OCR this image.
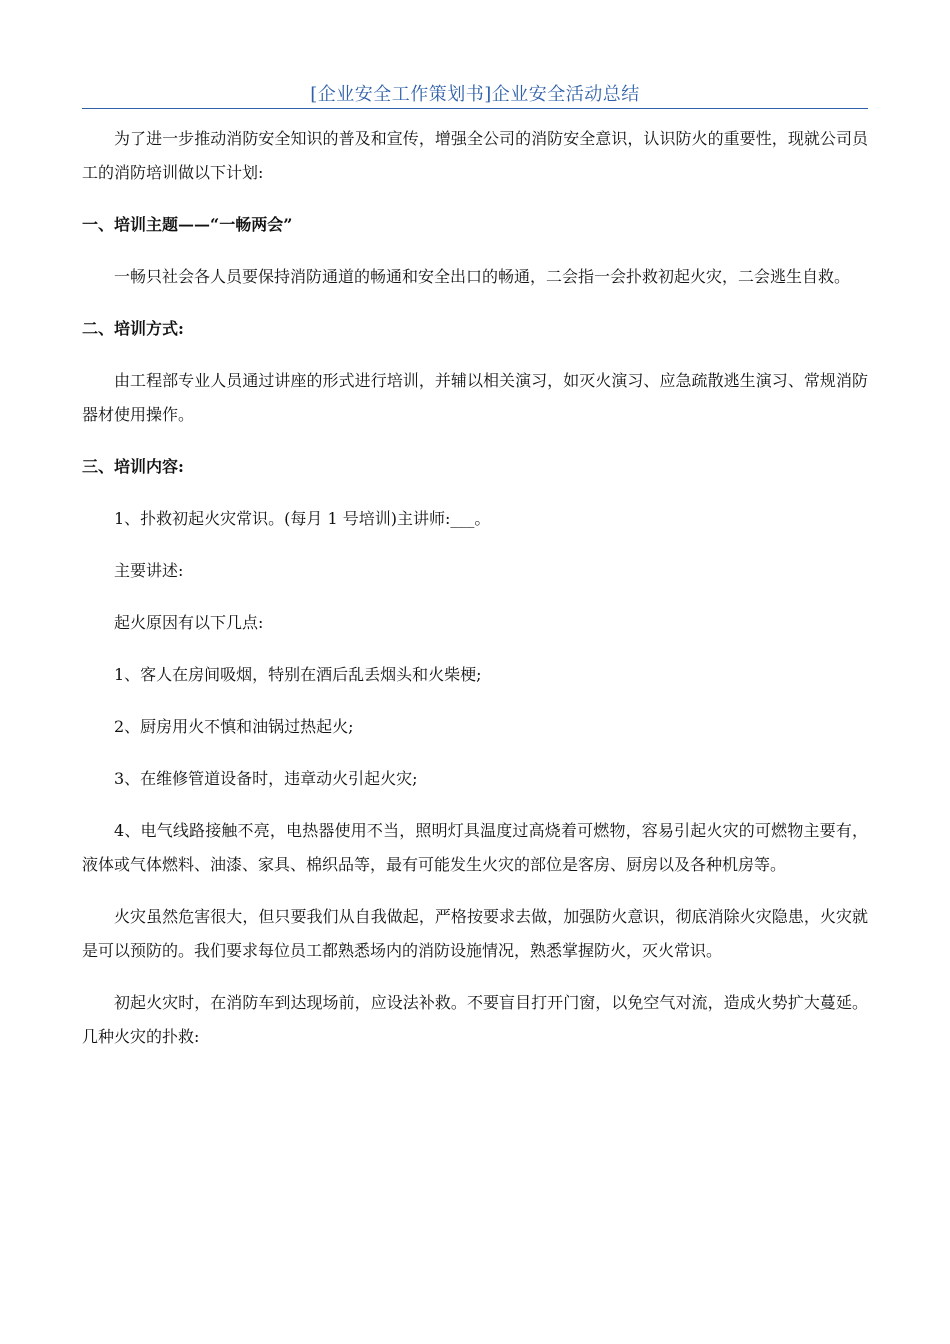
[企业安全工作策划书]企业安全活动总结

为了进一步推动消防安全知识的普及和宣传，增强全公司的消防安全意识，认识防火的重要性，现就公司员工的消防培训做以下计划:

一、培训主题——“一畅两会”

一畅只社会各人员要保持消防通道的畅通和安全出口的畅通，二会指一会扑救初起火灾，二会逃生自救。

二、培训方式:

由工程部专业人员通过讲座的形式进行培训，并辅以相关演习，如灭火演习、应急疏散逃生演习、常规消防器材使用操作。

三、培训内容:

1、扑救初起火灾常识。(每月 1 号培训)主讲师:___。

主要讲述:

起火原因有以下几点:

1、客人在房间吸烟，特别在酒后乱丢烟头和火柴梗;

2、厨房用火不慎和油锅过热起火;

3、在维修管道设备时，违章动火引起火灾;

4、电气线路接触不亮，电热器使用不当，照明灯具温度过高烧着可燃物，容易引起火灾的可燃物主要有，液体或气体燃料、油漆、家具、棉织品等，最有可能发生火灾的部位是客房、厨房以及各种机房等。

火灾虽然危害很大，但只要我们从自我做起，严格按要求去做，加强防火意识，彻底消除火灾隐患，火灾就是可以预防的。我们要求每位员工都熟悉场内的消防设施情况，熟悉掌握防火，灭火常识。

初起火灾时，在消防车到达现场前，应设法补救。不要盲目打开门窗，以免空气对流，造成火势扩大蔓延。几种火灾的扑救:
